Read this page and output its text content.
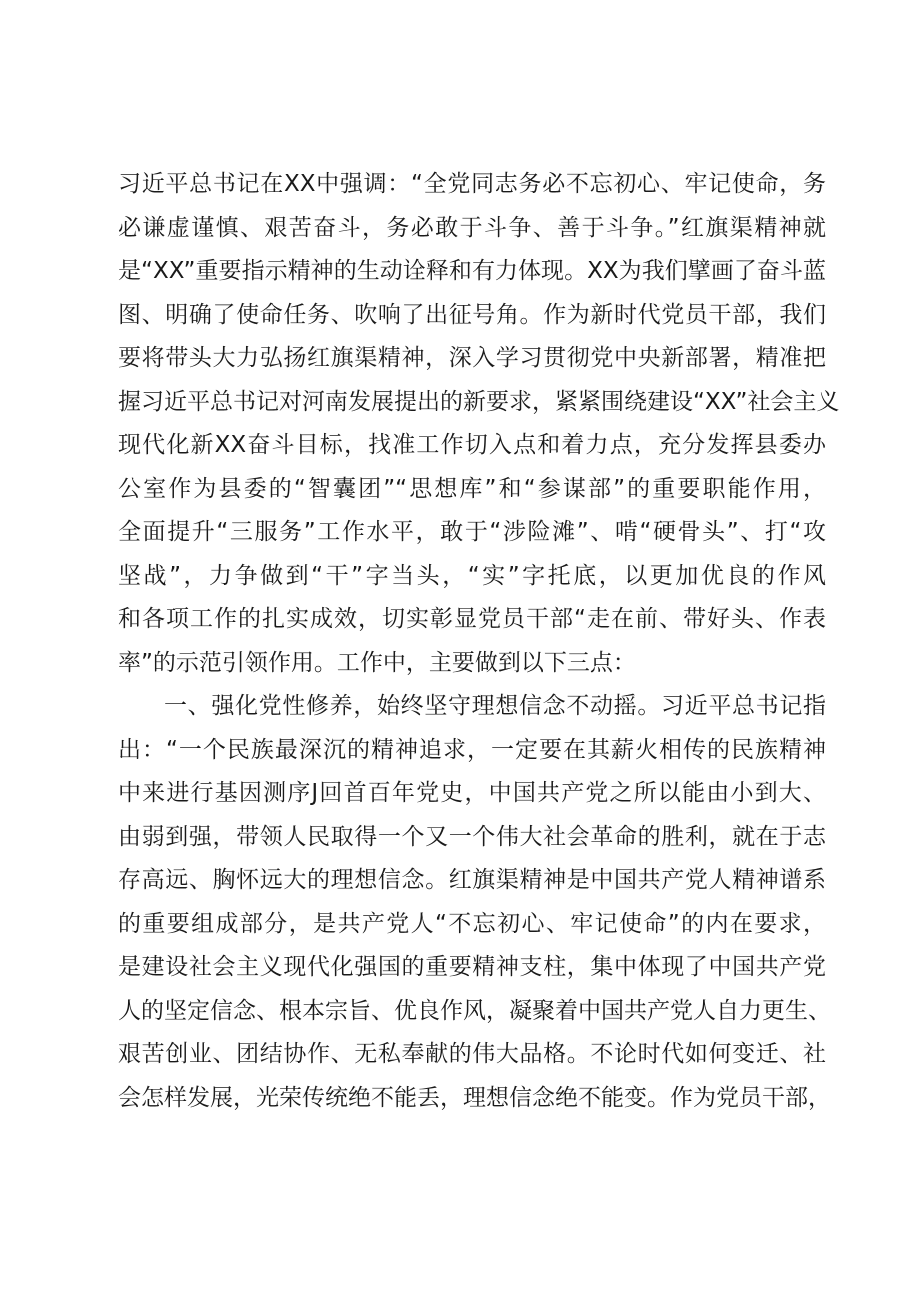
习近平总书记在XX中强调：“全党同志务必不忘初心、牢记使命，务
必谦虚谨慎、艰苦奋斗，务必敢于斗争、善于斗争。”红旗渠精神就
是“XX”重要指示精神的生动诠释和有力体现。XX为我们擘画了奋斗蓝
图、明确了使命任务、吹响了出征号角。作为新时代党员干部，我们
要将带头大力弘扬红旗渠精神，深入学习贯彻党中央新部署，精准把
握习近平总书记对河南发展提出的新要求，紧紧围绕建设“XX”社会主义
现代化新XX奋斗目标，找准工作切入点和着力点，充分发挥县委办
公室作为县委的“智囊团”“思想库”和“参谋部”的重要职能作用，
全面提升“三服务”工作水平，敢于“涉险滩”、啃“硬骨头”、打“攻
坚战”，力争做到“干”字当头，“实”字托底，以更加优良的作风
和各项工作的扎实成效，切实彰显党员干部“走在前、带好头、作表
率”的示范引领作用。工作中，主要做到以下三点：
一、强化党性修养，始终坚守理想信念不动摇。习近平总书记指
出：“一个民族最深沉的精神追求，一定要在其薪火相传的民族精神
中来进行基因测序J回首百年党史，中国共产党之所以能由小到大、
由弱到强，带领人民取得一个又一个伟大社会革命的胜利，就在于志
存高远、胸怀远大的理想信念。红旗渠精神是中国共产党人精神谱系
的重要组成部分，是共产党人“不忘初心、牢记使命”的内在要求，
是建设社会主义现代化强国的重要精神支柱，集中体现了中国共产党
人的坚定信念、根本宗旨、优良作风，凝聚着中国共产党人自力更生、
艰苦创业、团结协作、无私奉献的伟大品格。不论时代如何变迁、社
会怎样发展，光荣传统绝不能丢，理想信念绝不能变。作为党员干部，
